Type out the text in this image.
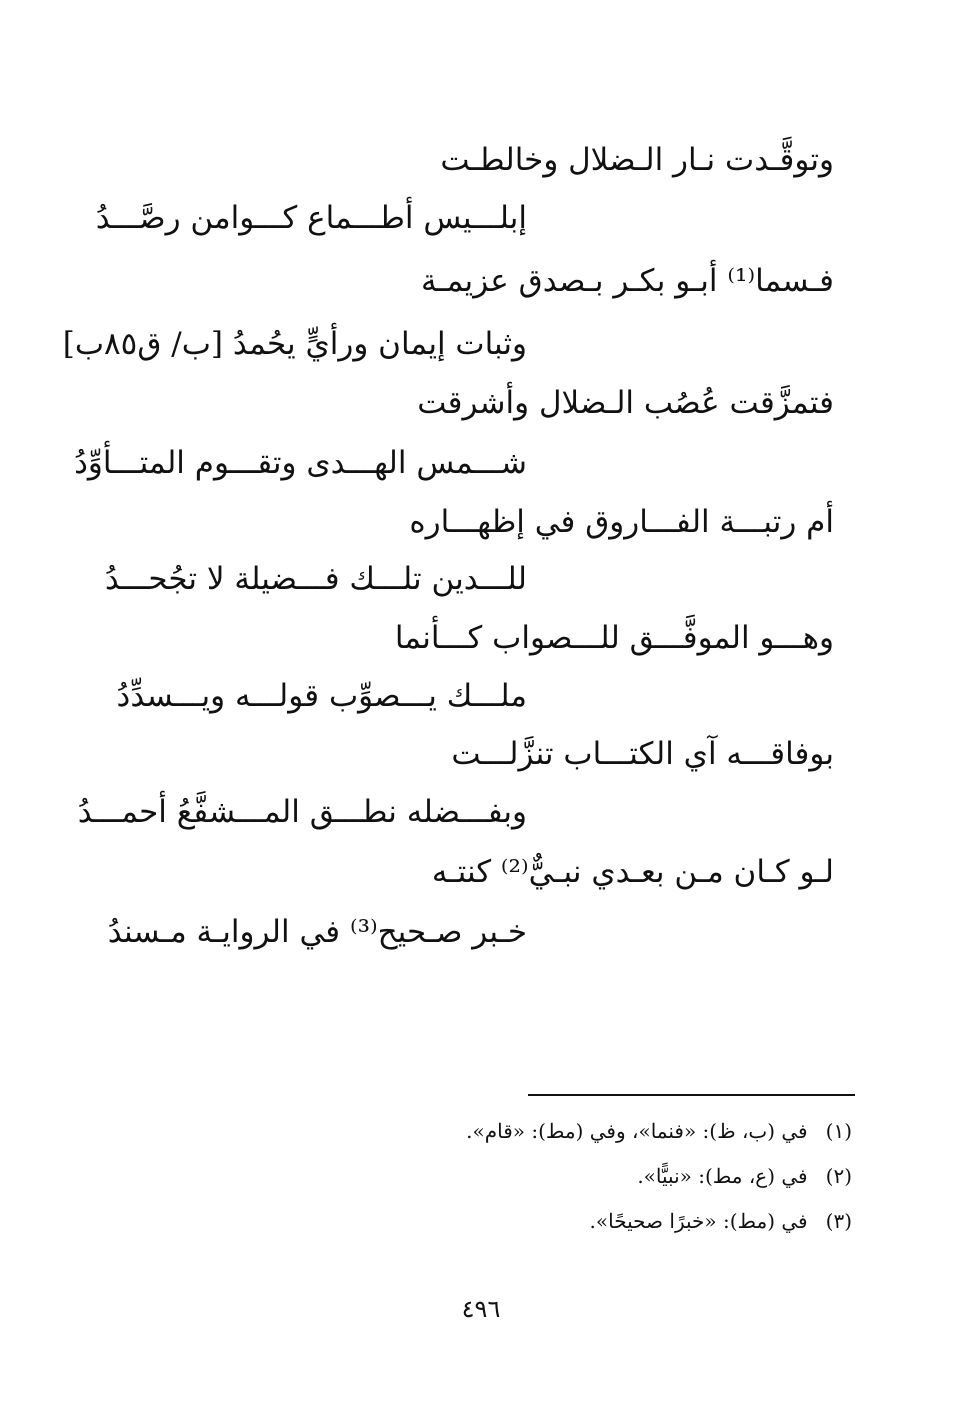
وتوقَّـدت نـار الـضلال وخالطـت

إبلـــيس أطـــماع كـــوامن رصَّـــدُ

فـسما⁽¹⁾ أبـو بكـر بـصدق عزيمـة

وثبات إيمان ورأيٍّ يحُمدُ [ب/ ق٨٥ب]

فتمزَّقت عُصُب الـضلال وأشرقت

شـــمس الهـــدى وتقـــوم المتـــأوِّدُ

أم رتبـــة الفـــاروق في إظهـــاره

للـــدين تلـــك فـــضيلة لا تجُحـــدُ

وهـــو الموفَّـــق للـــصواب كـــأنما

ملـــك يـــصوِّب قولـــه ويـــسدِّدُ

بوفاقـــه آي الكتـــاب تنزَّلـــت

وبفـــضله نطـــق المـــشفَّعُ أحمـــدُ

لـو كـان مـن بعـدي نبـيٌّ⁽²⁾ كنتـه

خـبر صـحيح⁽³⁾ في الروايـة مـسندُ

(١)في (ب، ظ): «فنما»، وفي (مط): «قام».

(٢)في (ع، مط): «نبيًّا».

(٣)في (مط): «خبرًا صحيحًا».

٤٩٦
